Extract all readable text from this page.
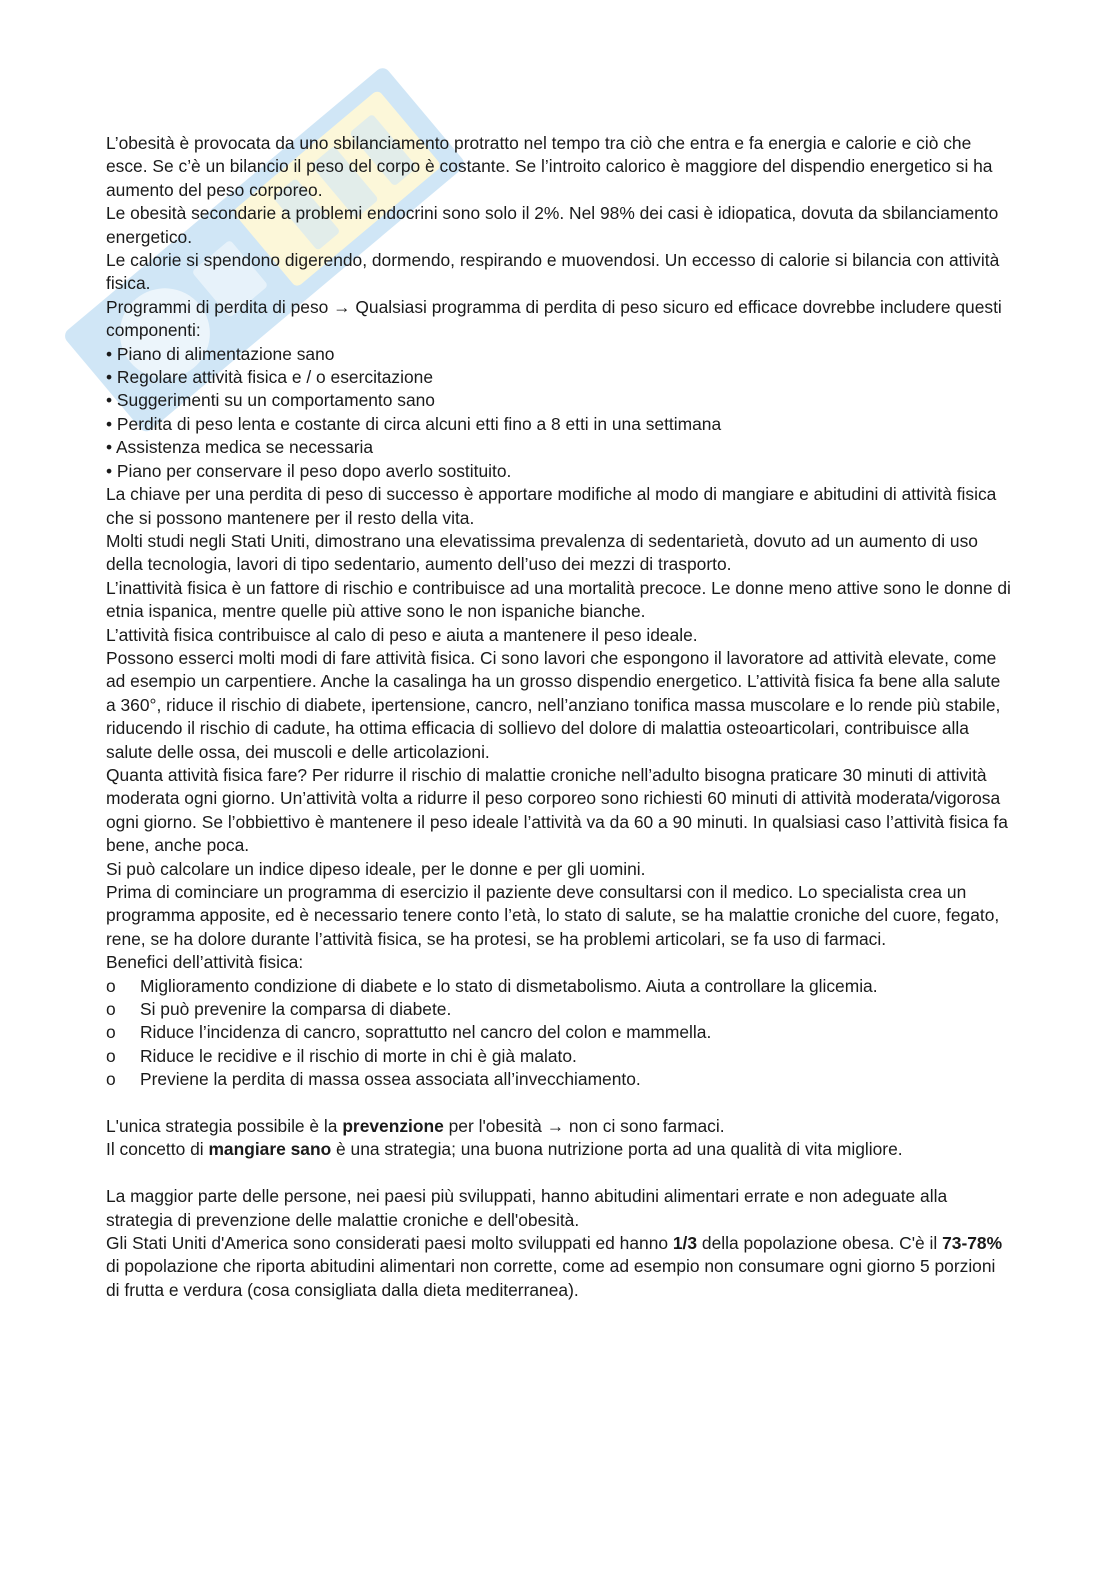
L’obesità è provocata da uno sbilanciamento protratto nel tempo tra ciò che entra e fa energia e calorie e ciò che esce. Se c’è un bilancio il peso del corpo è costante. Se l’introito calorico è maggiore del dispendio energetico si ha aumento del peso corporeo.

Le obesità secondarie a problemi endocrini sono solo il 2%. Nel 98% dei casi è idiopatica, dovuta da sbilanciamento energetico.

Le calorie si spendono digerendo, dormendo, respirando e muovendosi. Un eccesso di calorie si bilancia con attività fisica.

Programmi di perdita di peso → Qualsiasi programma di perdita di peso sicuro ed efficace dovrebbe includere questi componenti:

• Piano di alimentazione sano
• Regolare attività fisica e / o esercitazione
• Suggerimenti su un comportamento sano
• Perdita di peso lenta e costante di circa alcuni etti fino a 8 etti in una settimana
• Assistenza medica se necessaria
• Piano per conservare il peso dopo averlo sostituito.

La chiave per una perdita di peso di successo è apportare modifiche al modo di mangiare e abitudini di attività fisica che si possono mantenere per il resto della vita.

Molti studi negli Stati Uniti, dimostrano una elevatissima prevalenza di sedentarietà, dovuto ad un aumento di uso della tecnologia, lavori di tipo sedentario, aumento dell’uso dei mezzi di trasporto.

L’inattività fisica è un fattore di rischio e contribuisce ad una mortalità precoce. Le donne meno attive sono le donne di etnia ispanica, mentre quelle più attive sono le non ispaniche bianche.

L’attività fisica contribuisce al calo di peso e aiuta a mantenere il peso ideale.

Possono esserci molti modi di fare attività fisica. Ci sono lavori che espongono il lavoratore ad attività elevate, come ad esempio un carpentiere. Anche la casalinga ha un grosso dispendio energetico. L’attività fisica fa bene alla salute a 360°, riduce il rischio di diabete, ipertensione, cancro, nell’anziano tonifica massa muscolare e lo rende più stabile, riducendo il rischio di cadute, ha ottima efficacia di sollievo del dolore di malattia osteoarticolari, contribuisce alla salute delle ossa, dei muscoli e delle articolazioni.

Quanta attività fisica fare? Per ridurre il rischio di malattie croniche nell’adulto bisogna praticare 30 minuti di attività moderata ogni giorno. Un’attività volta a ridurre il peso corporeo sono richiesti 60 minuti di attività moderata/vigorosa ogni giorno. Se l’obbiettivo è mantenere il peso ideale l’attività va da 60 a 90 minuti. In qualsiasi caso l’attività fisica fa bene, anche poca.

Si può calcolare un indice dipeso ideale, per le donne e per gli uomini.

Prima di cominciare un programma di esercizio il paziente deve consultarsi con il medico. Lo specialista crea un programma apposite, ed è necessario tenere conto l’età, lo stato di salute, se ha malattie croniche del cuore, fegato, rene, se ha dolore durante l’attività fisica, se ha protesi, se ha problemi articolari, se fa uso di farmaci.

Benefici dell’attività fisica:

o Miglioramento condizione di diabete e lo stato di dismetabolismo. Aiuta a controllare la glicemia.
o Si può prevenire la comparsa di diabete.
o Riduce l’incidenza di cancro, soprattutto nel cancro del colon e mammella.
o Riduce le recidive e il rischio di morte in chi è già malato.
o Previene la perdita di massa ossea associata all’invecchiamento.

L'unica strategia possibile è la prevenzione per l'obesità → non ci sono farmaci.

Il concetto di mangiare sano è una strategia; una buona nutrizione porta ad una qualità di vita migliore.

La maggior parte delle persone, nei paesi più sviluppati, hanno abitudini alimentari errate e non adeguate alla strategia di prevenzione delle malattie croniche e dell'obesità.

Gli Stati Uniti d'America sono considerati paesi molto sviluppati ed hanno 1/3 della popolazione obesa. C'è il 73-78% di popolazione che riporta abitudini alimentari non corrette, come ad esempio non consumare ogni giorno 5 porzioni di frutta e verdura (cosa consigliata dalla dieta mediterranea).
